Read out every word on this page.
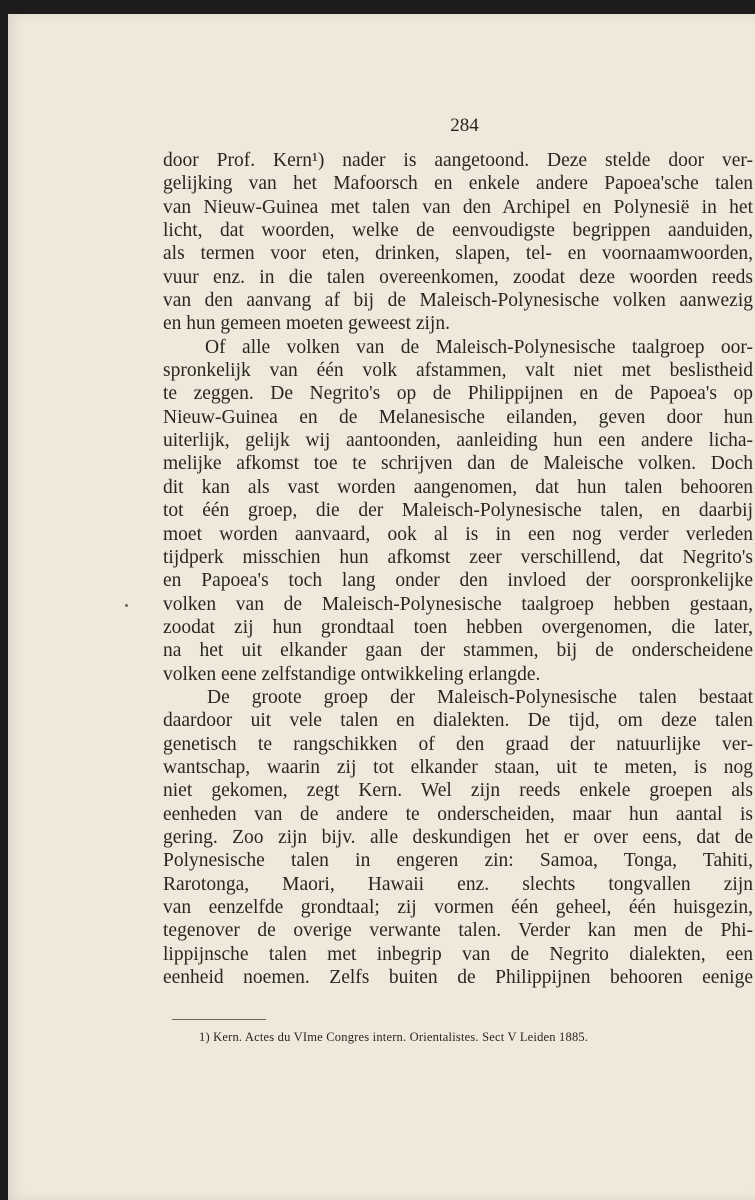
284
door Prof. Kern¹) nader is aangetoond. Deze stelde door ver-
gelijking van het Mafoorsch en enkele andere Papoea'sche talen
van Nieuw-Guinea met talen van den Archipel en Polynesië in het
licht, dat woorden, welke de eenvoudigste begrippen aanduiden,
als termen voor eten, drinken, slapen, tel- en voornaamwoorden,
vuur enz. in die talen overeenkomen, zoodat deze woorden reeds
van den aanvang af bij de Maleisch-Polynesische volken aanwezig
en hun gemeen moeten geweest zijn.
Of alle volken van de Maleisch-Polynesische taalgroep oor-
spronkelijk van één volk afstammen, valt niet met beslistheid
te zeggen. De Negrito's op de Philippijnen en de Papoea's op
Nieuw-Guinea en de Melanesische eilanden, geven door hun
uiterlijk, gelijk wij aantoonden, aanleiding hun een andere licha-
melijke afkomst toe te schrijven dan de Maleische volken. Doch
dit kan als vast worden aangenomen, dat hun talen behooren
tot één groep, die der Maleisch-Polynesische talen, en daarbij
moet worden aanvaard, ook al is in een nog verder verleden
tijdperk misschien hun afkomst zeer verschillend, dat Negrito's
en Papoea's toch lang onder den invloed der oorspronkelijke
volken van de Maleisch-Polynesische taalgroep hebben gestaan,
zoodat zij hun grondtaal toen hebben overgenomen, die later,
na het uit elkander gaan der stammen, bij de onderscheidene
volken eene zelfstandige ontwikkeling erlangde.
De groote groep der Maleisch-Polynesische talen bestaat
daardoor uit vele talen en dialekten. De tijd, om deze talen
genetisch te rangschikken of den graad der natuurlijke ver-
wantschap, waarin zij tot elkander staan, uit te meten, is nog
niet gekomen, zegt Kern. Wel zijn reeds enkele groepen als
eenheden van de andere te onderscheiden, maar hun aantal is
gering. Zoo zijn bijv. alle deskundigen het er over eens, dat de
Polynesische talen in engeren zin: Samoa, Tonga, Tahiti,
Rarotonga, Maori, Hawaii enz. slechts tongvallen zijn
van eenzelfde grondtaal; zij vormen één geheel, één huisgezin,
tegenover de overige verwante talen. Verder kan men de Phi-
lippijnsche talen met inbegrip van de Negrito dialekten, een
eenheid noemen. Zelfs buiten de Philippijnen behooren eenige
1) Kern. Actes du VIme Congres intern. Orientalistes. Sect V Leiden 1885.
